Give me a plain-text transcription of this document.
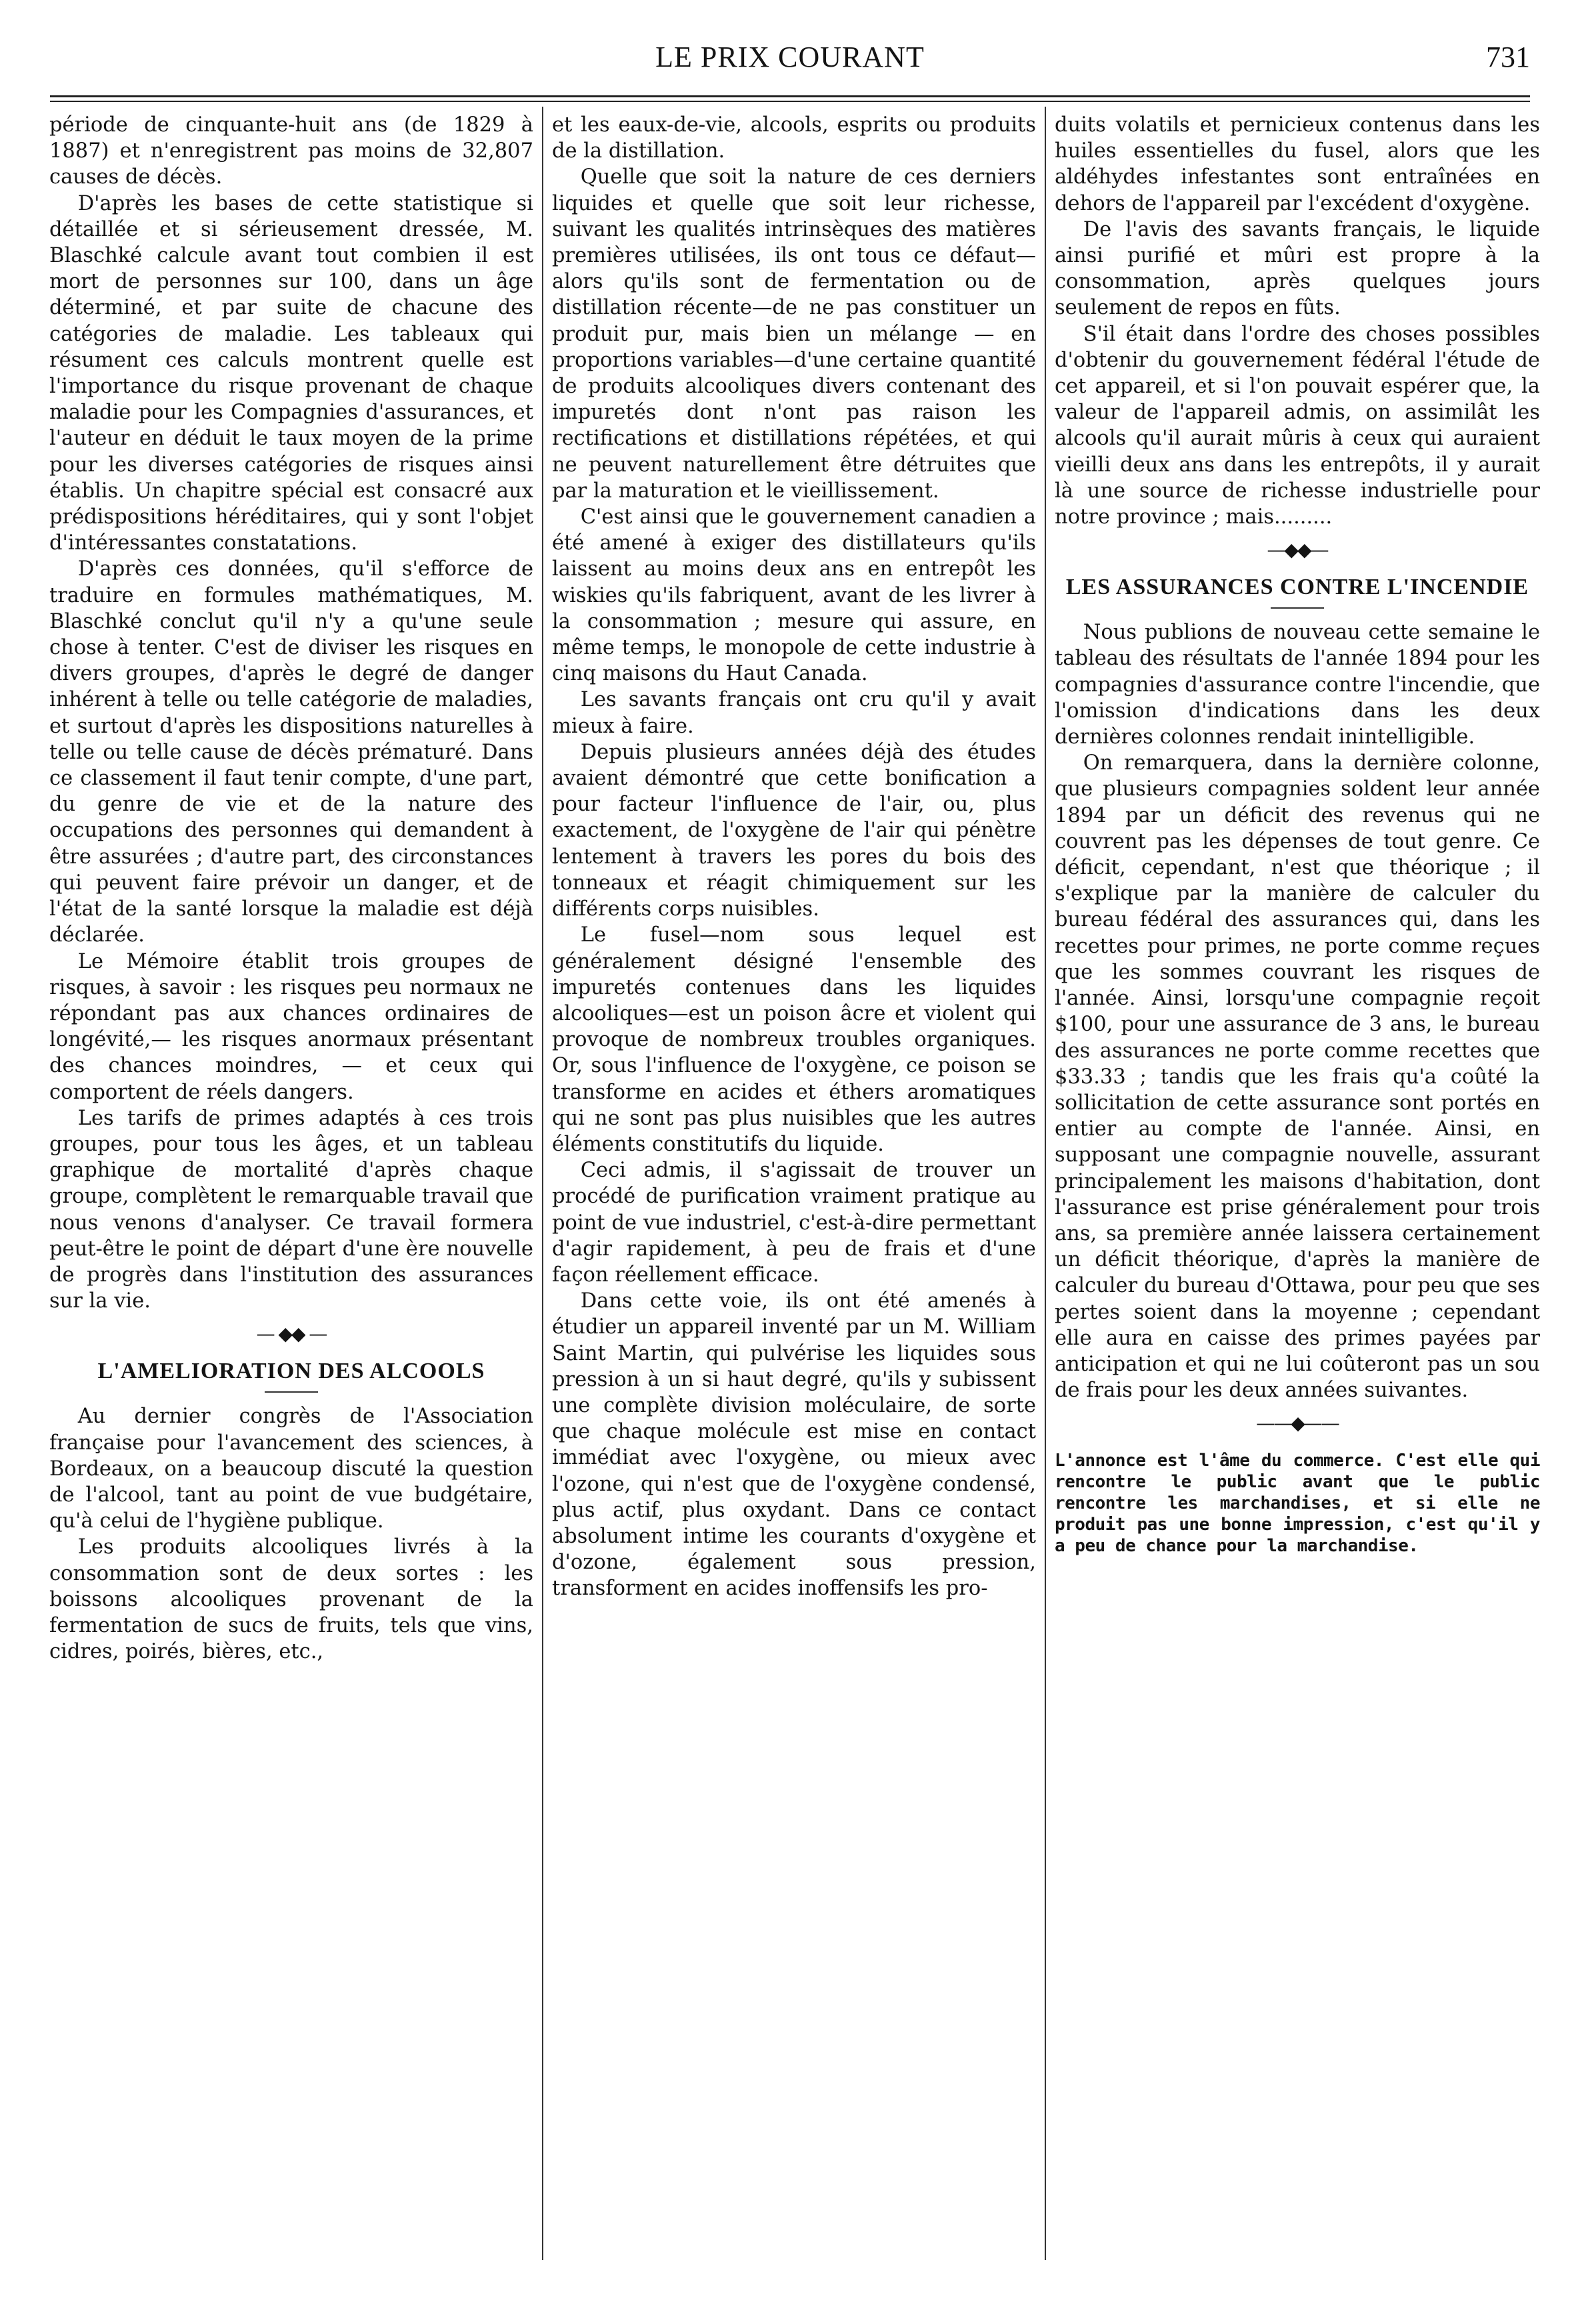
LE PRIX COURANT	731

période de cinquante-huit ans (de 1829 à 1887) et n'enregistrent pas moins de 32,807 causes de décès.

D'après les bases de cette statistique si détaillée et si sérieusement dressée, M. Blaschké calcule avant tout combien il est mort de personnes sur 100, dans un âge déterminé, et par suite de chacune des catégories de maladie. Les tableaux qui résument ces calculs montrent quelle est l'importance du risque provenant de chaque maladie pour les Compagnies d'assurances, et l'auteur en déduit le taux moyen de la prime pour les diverses catégories de risques ainsi établis. Un chapitre spécial est consacré aux prédispositions héréditaires, qui y sont l'objet d'intéressantes constatations.

D'après ces données, qu'il s'efforce de traduire en formules mathématiques, M. Blaschké conclut qu'il n'y a qu'une seule chose à tenter. C'est de diviser les risques en divers groupes, d'après le degré de danger inhérent à telle ou telle catégorie de maladies, et surtout d'après les dispositions naturelles à telle ou telle cause de décès prématuré. Dans ce classement il faut tenir compte, d'une part, du genre de vie et de la nature des occupations des personnes qui demandent à être assurées ; d'autre part, des circonstances qui peuvent faire prévoir un danger, et de l'état de la santé lorsque la maladie est déjà déclarée.

Le Mémoire établit trois groupes de risques, à savoir : les risques peu normaux ne répondant pas aux chances ordinaires de longévité,— les risques anormaux présentant des chances moindres, — et ceux qui comportent de réels dangers.

Les tarifs de primes adaptés à ces trois groupes, pour tous les âges, et un tableau graphique de mortalité d'après chaque groupe, complètent le remarquable travail que nous venons d'analyser. Ce travail formera peut-être le point de départ d'une ère nouvelle de progrès dans l'institution des assurances sur la vie.

— ◆◆ —
L'AMELIORATION DES ALCOOLS

Au dernier congrès de l'Association française pour l'avancement des sciences, à Bordeaux, on a beaucoup discuté la question de l'alcool, tant au point de vue budgétaire, qu'à celui de l'hygiène publique.

Les produits alcooliques livrés à la consommation sont de deux sortes : les boissons alcooliques provenant de la fermentation de sucs de fruits, tels que vins, cidres, poirés, bières, etc.,

et les eaux-de-vie, alcools, esprits ou produits de la distillation.

Quelle que soit la nature de ces derniers liquides et quelle que soit leur richesse, suivant les qualités intrinsèques des matières premières utilisées, ils ont tous ce défaut—alors qu'ils sont de fermentation ou de distillation récente—de ne pas constituer un produit pur, mais bien un mélange — en proportions variables—d'une certaine quantité de produits alcooliques divers contenant des impuretés dont n'ont pas raison les rectifications et distillations répétées, et qui ne peuvent naturellement être détruites que par la maturation et le vieillissement.

C'est ainsi que le gouvernement canadien a été amené à exiger des distillateurs qu'ils laissent au moins deux ans en entrepôt les wiskies qu'ils fabriquent, avant de les livrer à la consommation ; mesure qui assure, en même temps, le monopole de cette industrie à cinq maisons du Haut Canada.

Les savants français ont cru qu'il y avait mieux à faire.

Depuis plusieurs années déjà des études avaient démontré que cette bonification a pour facteur l'influence de l'air, ou, plus exactement, de l'oxygène de l'air qui pénètre lentement à travers les pores du bois des tonneaux et réagit chimiquement sur les différents corps nuisibles.

Le fusel—nom sous lequel est généralement désigné l'ensemble des impuretés contenues dans les liquides alcooliques—est un poison âcre et violent qui provoque de nombreux troubles organiques. Or, sous l'influence de l'oxygène, ce poison se transforme en acides et éthers aromatiques qui ne sont pas plus nuisibles que les autres éléments constitutifs du liquide.

Ceci admis, il s'agissait de trouver un procédé de purification vraiment pratique au point de vue industriel, c'est-à-dire permettant d'agir rapidement, à peu de frais et d'une façon réellement efficace.

Dans cette voie, ils ont été amenés à étudier un appareil inventé par un M. William Saint Martin, qui pulvérise les liquides sous pression à un si haut degré, qu'ils y subissent une complète division moléculaire, de sorte que chaque molécule est mise en contact immédiat avec l'oxygène, ou mieux avec l'ozone, qui n'est que de l'oxygène condensé, plus actif, plus oxydant. Dans ce contact absolument intime les courants d'oxygène et d'ozone, également sous pression, transforment en acides inoffensifs les pro-

duits volatils et pernicieux contenus dans les huiles essentielles du fusel, alors que les aldéhydes infestantes sont entraînées en dehors de l'appareil par l'excédent d'oxygène.

De l'avis des savants français, le liquide ainsi purifié et mûri est propre à la consommation, après quelques jours seulement de repos en fûts.

S'il était dans l'ordre des choses possibles d'obtenir du gouvernement fédéral l'étude de cet appareil, et si l'on pouvait espérer que, la valeur de l'appareil admis, on assimilât les alcools qu'il aurait mûris à ceux qui auraient vieilli deux ans dans les entrepôts, il y aurait là une source de richesse industrielle pour notre province ; mais.........

—◆◆—
LES ASSURANCES CONTRE L'INCENDIE

Nous publions de nouveau cette semaine le tableau des résultats de l'année 1894 pour les compagnies d'assurance contre l'incendie, que l'omission d'indications dans les deux dernières colonnes rendait inintelligible.

On remarquera, dans la dernière colonne, que plusieurs compagnies soldent leur année 1894 par un déficit des revenus qui ne couvrent pas les dépenses de tout genre. Ce déficit, cependant, n'est que théorique ; il s'explique par la manière de calculer du bureau fédéral des assurances qui, dans les recettes pour primes, ne porte comme reçues que les sommes couvrant les risques de l'année. Ainsi, lorsqu'une compagnie reçoit $100, pour une assurance de 3 ans, le bureau des assurances ne porte comme recettes que $33.33 ; tandis que les frais qu'a coûté la sollicitation de cette assurance sont portés en entier au compte de l'année. Ainsi, en supposant une compagnie nouvelle, assurant principalement les maisons d'habitation, dont l'assurance est prise généralement pour trois ans, sa première année laissera certainement un déficit théorique, d'après la manière de calculer du bureau d'Ottawa, pour peu que ses pertes soient dans la moyenne ; cependant elle aura en caisse des primes payées par anticipation et qui ne lui coûteront pas un sou de frais pour les deux années suivantes.

——◆——
L'annonce est l'âme du commerce. C'est elle qui rencontre le public avant que le public rencontre les marchandises, et si elle ne produit pas une bonne impression, c'est qu'il y a peu de chance pour la marchandise.
